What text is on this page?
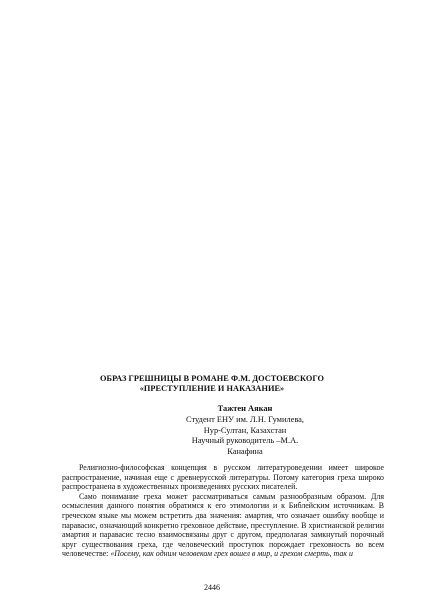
ОБРАЗ ГРЕШНИЦЫ В РОМАНЕ Ф.М. ДОСТОЕВСКОГО
«ПРЕСТУПЛЕНИЕ И НАКАЗАНИЕ»
Тажтен Аякан
Студент ЕНУ им. Л.Н. Гумилева,
Нур-Султан, Казахстан
Научный руководитель –М.А. Канафина

Религиозно-философская концепция в русском литературоведении имеет широкое распространение, начиная еще с древнерусской литературы. Потому категория греха широко распространена в художественных произведениях русских писателей.

Само понимание греха может рассматриваться самым разнообразным образом. Для осмысления данного понятия обратимся к его этимологии и к Библейским источникам. В греческом языке мы можем встретить два значения: амартия, что означает ошибку вообще и паравасис, означающий конкретно греховное действие, преступление. В христианской религии амартия и паравасис тесно взаимосвязаны друг с другом, предполагая замкнутый порочный круг существования греха, где человеческий проступок порождает греховность во всем человечестве: «Посему, как одним человеком грех вошел в мир, и грехом смерть, так и

2446
